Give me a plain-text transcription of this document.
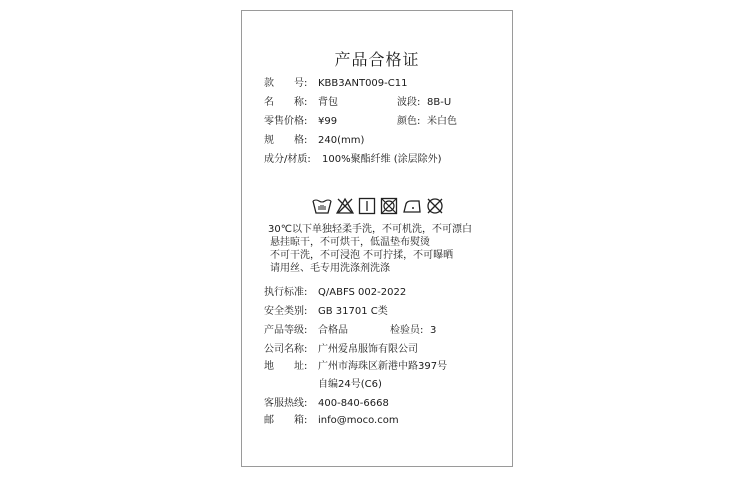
产品合格证
款　　号: KBB3ANT009-C11
名　　称: 背包	波段: 8B-U
零售价格: ¥99	颜色: 米白色
规　　格: 240(mm)
成分/材质: 100%聚酯纤维 (涂层除外)
30℃以下单独轻柔手洗，不可机洗，不可漂白
悬挂晾干，不可烘干，低温垫布熨烫
不可干洗，不可浸泡 不可拧揉，不可曝晒
请用丝、毛专用洗涤剂洗涤
执行标准: Q/ABFS 002-2022
安全类别: GB 31701 C类
产品等级: 合格品	检验员: 3
公司名称: 广州爱帛服饰有限公司
地　　址: 广州市海珠区新港中路397号
自编24号(C6)
客服热线: 400-840-6668
邮　　箱: info@moco.com
